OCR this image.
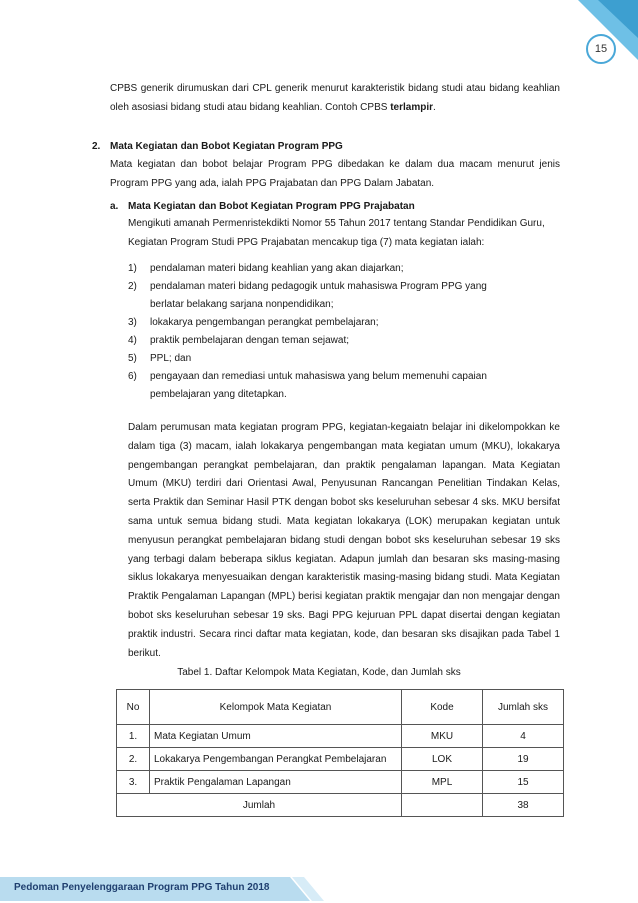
15
CPBS generik dirumuskan dari CPL generik menurut karakteristik bidang studi atau bidang keahlian oleh asosiasi bidang studi atau bidang keahlian. Contoh CPBS terlampir.
2. Mata Kegiatan dan Bobot Kegiatan Program PPG
Mata kegiatan dan bobot belajar Program PPG dibedakan ke dalam dua macam menurut jenis Program PPG yang ada, ialah PPG Prajabatan dan PPG Dalam Jabatan.
a. Mata Kegiatan dan Bobot Kegiatan Program PPG Prajabatan
Mengikuti amanah Permenristekdikti Nomor 55 Tahun 2017 tentang Standar Pendidikan Guru, Kegiatan Program Studi PPG Prajabatan mencakup tiga (7) mata kegiatan ialah:
1) pendalaman materi bidang keahlian yang akan diajarkan;
2) pendalaman materi bidang pedagogik untuk mahasiswa Program PPG yang
berlatar belakang sarjana nonpendidikan;
3) lokakarya pengembangan perangkat pembelajaran;
4) praktik pembelajaran dengan teman sejawat;
5) PPL; dan
6) pengayaan dan remediasi untuk mahasiswa yang belum memenuhi capaian
pembelajaran yang ditetapkan.
Dalam perumusan mata kegiatan program PPG, kegiatan-kegaiatn belajar ini dikelompokkan ke dalam tiga (3) macam, ialah lokakarya pengembangan mata kegiatan umum (MKU), lokakarya pengembangan perangkat pembelajaran, dan praktik pengalaman lapangan. Mata Kegiatan Umum (MKU) terdiri dari Orientasi Awal, Penyusunan Rancangan Penelitian Tindakan Kelas, serta Praktik dan Seminar Hasil PTK dengan bobot sks keseluruhan sebesar 4 sks. MKU bersifat sama untuk semua bidang studi. Mata kegiatan lokakarya (LOK) merupakan kegiatan untuk menyusun perangkat pembelajaran bidang studi dengan bobot sks keseluruhan sebesar 19 sks yang terbagi dalam beberapa siklus kegiatan. Adapun jumlah dan besaran sks masing-masing siklus lokakarya menyesuaikan dengan karakteristik masing-masing bidang studi. Mata Kegiatan Praktik Pengalaman Lapangan (MPL) berisi kegiatan praktik mengajar dan non mengajar dengan bobot sks keseluruhan sebesar 19 sks. Bagi PPG kejuruan PPL dapat disertai dengan kegiatan praktik industri. Secara rinci daftar mata kegiatan, kode, dan besaran sks disajikan pada Tabel 1 berikut.
Tabel 1. Daftar Kelompok Mata Kegiatan, Kode, dan Jumlah sks
No	Kelompok Mata Kegiatan	Kode	Jumlah sks
1.	Mata Kegiatan Umum	MKU	4
2.	Lokakarya Pengembangan Perangkat Pembelajaran	LOK	19
3.	Praktik Pengalaman Lapangan	MPL	15
Jumlah			38
Pedoman Penyelenggaraan Program PPG Tahun 2018
